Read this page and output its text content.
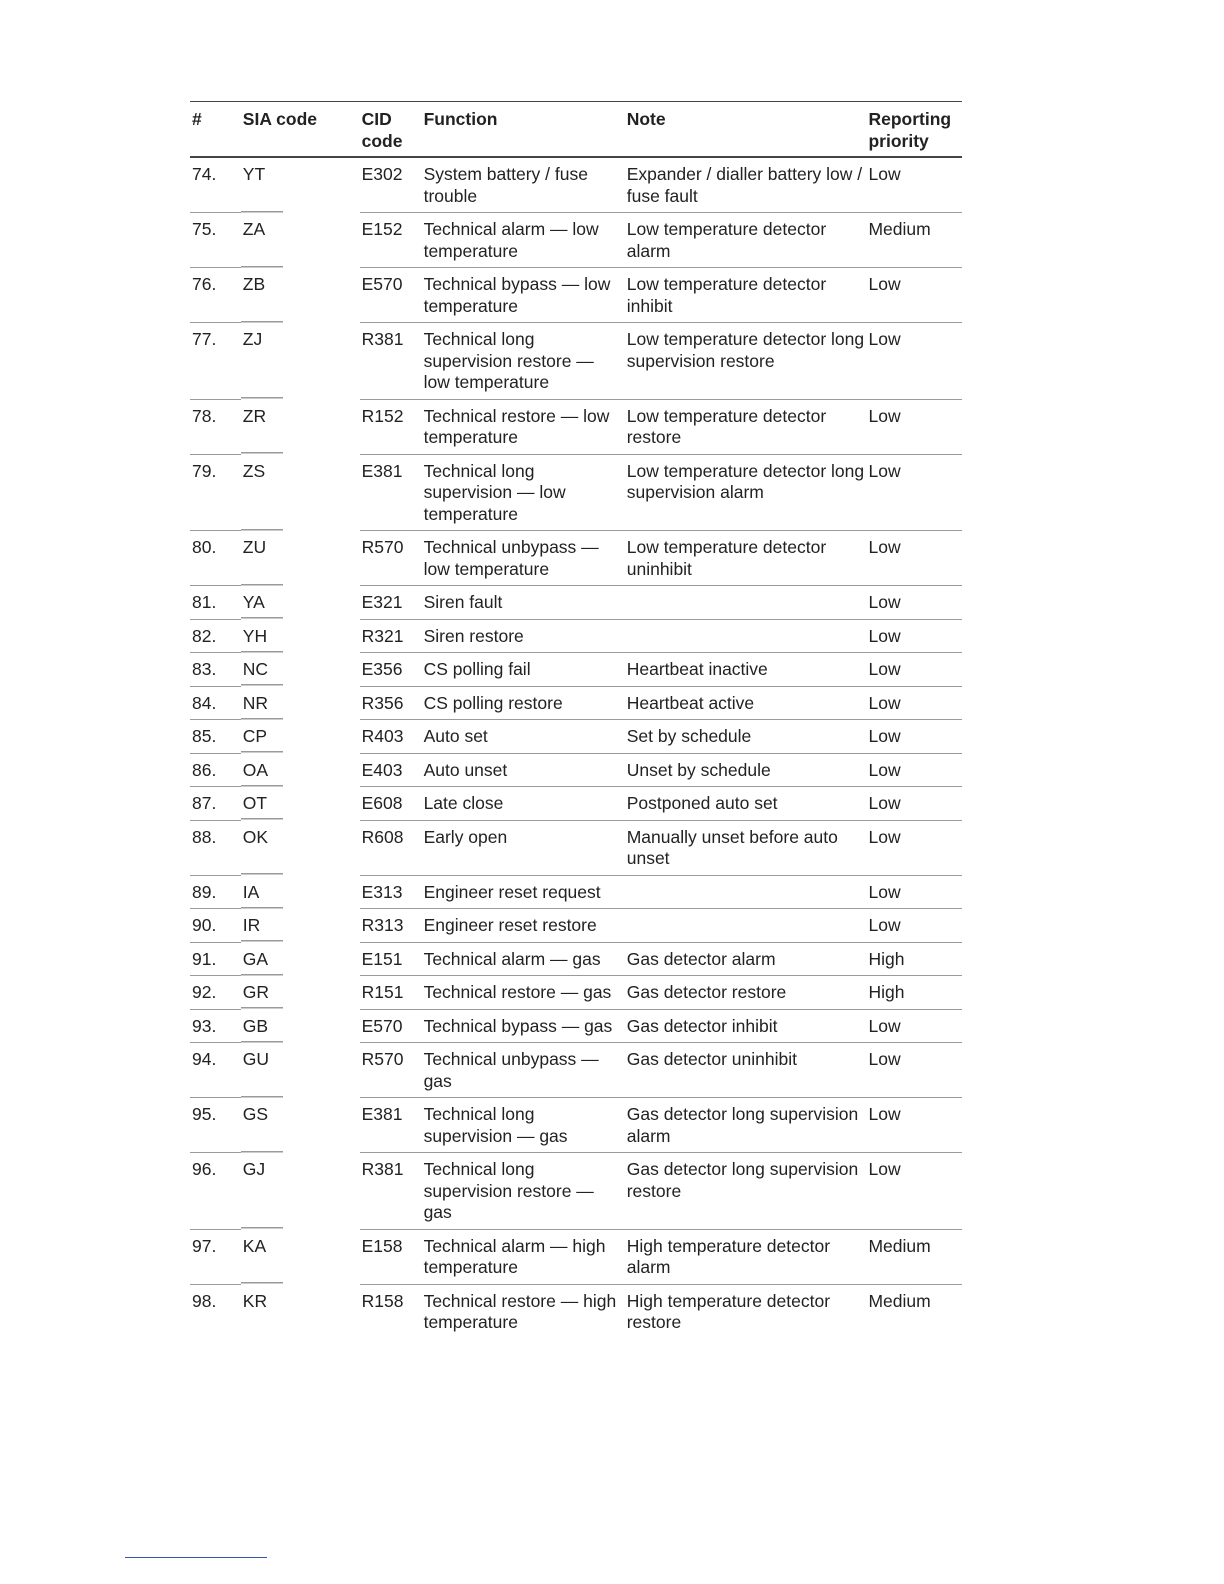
#	SIA code	CID code	Function	Note	Reporting priority
74.	YT	E302	System battery / fuse trouble	Expander / dialler battery low / fuse fault	Low
75.	ZA	E152	Technical alarm — low temperature	Low temperature detector alarm	Medium
76.	ZB	E570	Technical bypass — low temperature	Low temperature detector inhibit	Low
77.	ZJ	R381	Technical long supervision restore — low temperature	Low temperature detector long supervision restore	Low
78.	ZR	R152	Technical restore — low temperature	Low temperature detector restore	Low
79.	ZS	E381	Technical long supervision — low temperature	Low temperature detector long supervision alarm	Low
80.	ZU	R570	Technical unbypass — low temperature	Low temperature detector uninhibit	Low
81.	YA	E321	Siren fault		Low
82.	YH	R321	Siren restore		Low
83.	NC	E356	CS polling fail	Heartbeat inactive	Low
84.	NR	R356	CS polling restore	Heartbeat active	Low
85.	CP	R403	Auto set	Set by schedule	Low
86.	OA	E403	Auto unset	Unset by schedule	Low
87.	OT	E608	Late close	Postponed auto set	Low
88.	OK	R608	Early open	Manually unset before auto unset	Low
89.	IA	E313	Engineer reset request		Low
90.	IR	R313	Engineer reset restore		Low
91.	GA	E151	Technical alarm — gas	Gas detector alarm	High
92.	GR	R151	Technical restore — gas	Gas detector restore	High
93.	GB	E570	Technical bypass — gas	Gas detector inhibit	Low
94.	GU	R570	Technical unbypass — gas	Gas detector uninhibit	Low
95.	GS	E381	Technical long supervision — gas	Gas detector long supervision alarm	Low
96.	GJ	R381	Technical long supervision restore — gas	Gas detector long supervision restore	Low
97.	KA	E158	Technical alarm — high temperature	High temperature detector alarm	Medium
98.	KR	R158	Technical restore — high temperature	High temperature detector restore	Medium
